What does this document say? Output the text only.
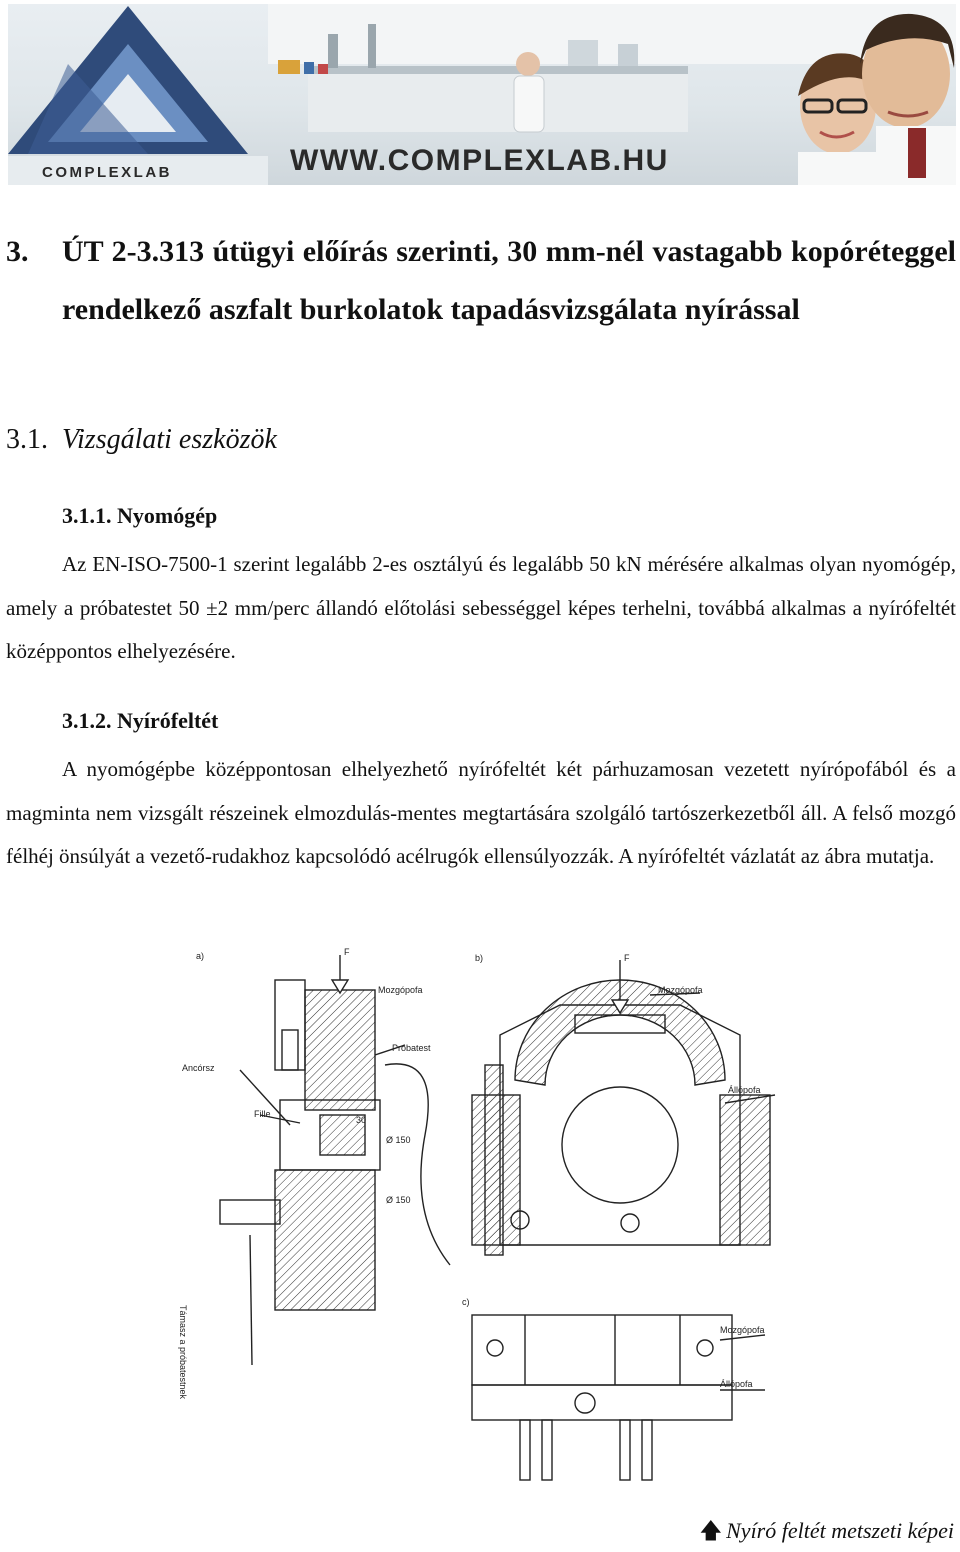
WWW.COMPLEXLAB.HU
COMPLEXLAB
3. ÚT 2-3.313 útügyi előírás szerinti, 30 mm-nél vastagabb kopóréteggel rendelkező aszfalt burkolatok tapadásvizsgálata nyírással
3.1. Vizsgálati eszközök
3.1.1. Nyomógép
Az EN-ISO-7500-1 szerint legalább 2-es osztályú és legalább 50 kN mérésére alkalmas olyan nyomógép, amely a próbatestet 50 ±2 mm/perc állandó előtolási sebességgel képes terhelni, továbbá alkalmas a nyírófeltét középpontos elhelyezésére.
3.1.2. Nyírófeltét
A nyomógépbe középpontosan elhelyezhető nyírófeltét két párhuzamosan vezetett nyírópofából és a magminta nem vizsgált részeinek elmozdulás-mentes megtartására szolgáló tartószerkezetből áll. A felső mozgó félhéj önsúlyát a vezető-rudakhoz kapcsolódó acélrugók ellensúlyozzák. A nyírófeltét vázlatát az ábra mutatja.
a)	b)
c)
F
F
Mozgópofa
Próbatest
Ancórsz
Fille
30
Ø 150
Ø 150
Támasz a próbatestnek
Mozgópofa
Állópofa
Mozgópofa
Állópofa
🡅 Nyíró feltét metszeti képei
